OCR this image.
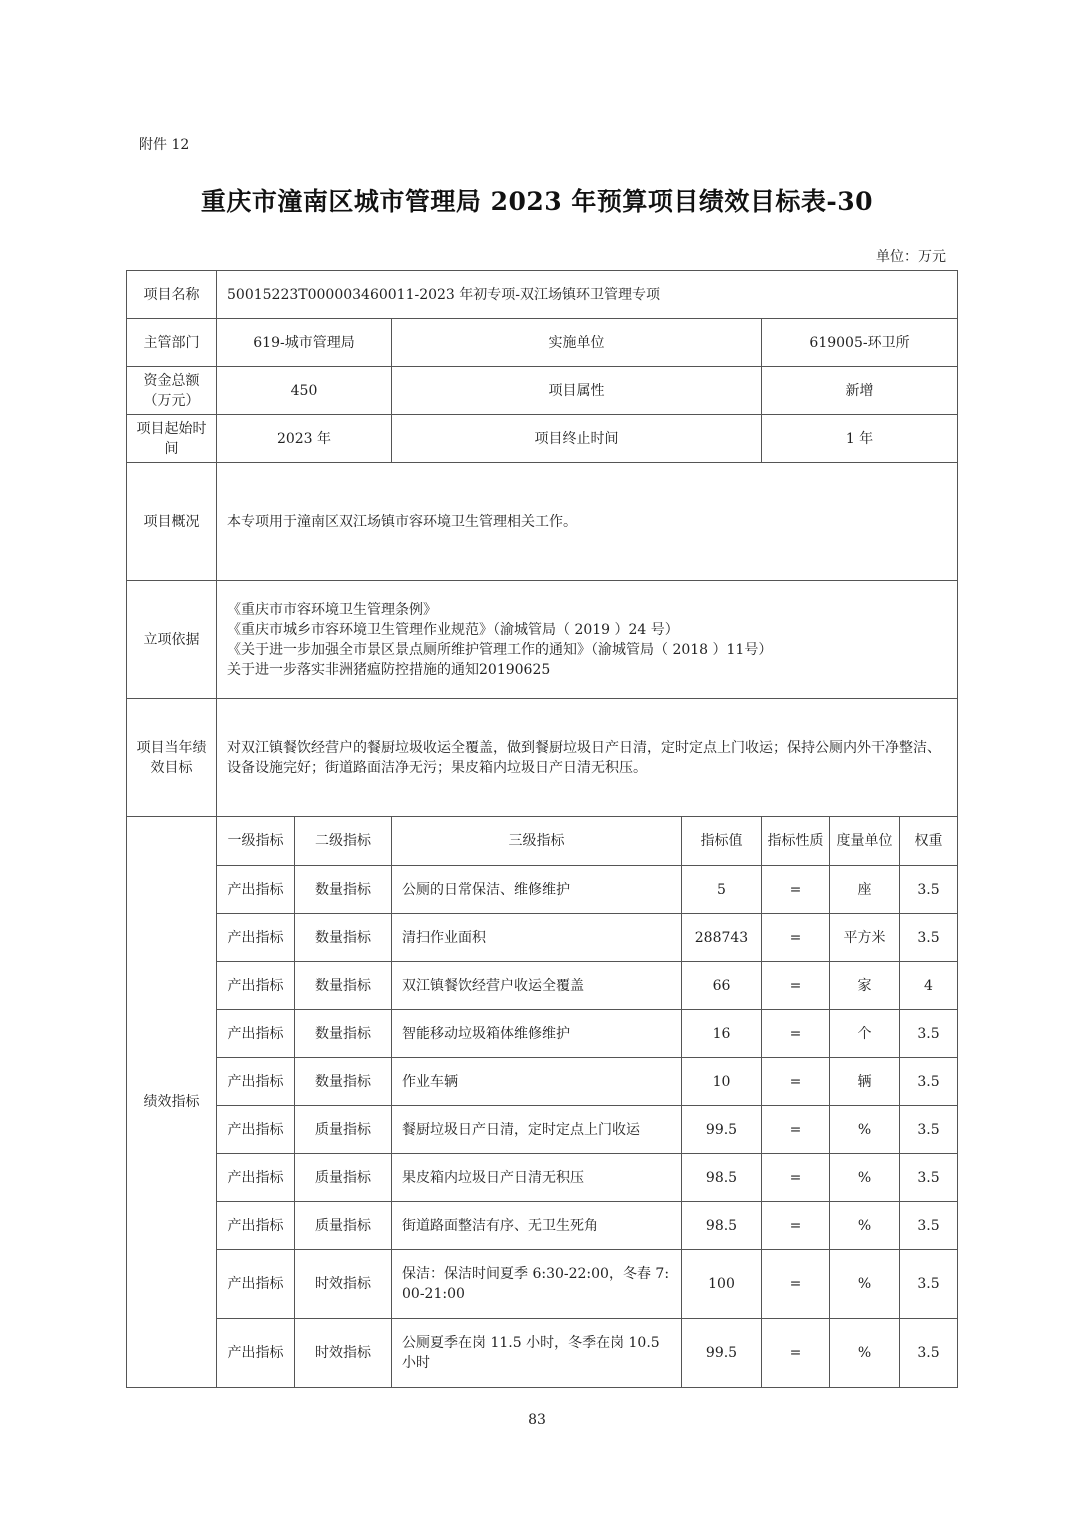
附件 12
重庆市潼南区城市管理局 2023 年预算项目绩效目标表-30
单位：万元
项目名称	50015223T000003460011-2023 年初专项-双江场镇环卫管理专项						
主管部门	619-城市管理局		实施单位		619005-环卫所		
资金总额（万元）	450		项目属性		新增		
项目起始时间	2023 年		项目终止时间		1 年		
项目概况	本专项用于潼南区双江场镇市容环境卫生管理相关工作。						
立项依据	《重庆市市容环境卫生管理条例》
《重庆市城乡市容环境卫生管理作业规范》（渝城管局（ 2019 ）24 号）
《关于进一步加强全市景区景点厕所维护管理工作的通知》（渝城管局（ 2018 ）11号）
关于进一步落实非洲猪瘟防控措施的通知20190625						

项目当年绩效目标	对双江镇餐饮经营户的餐厨垃圾收运全覆盖，做到餐厨垃圾日产日清，定时定点上门收运；保持公厕内外干净整洁、设备设施完好；街道路面洁净无污；果皮箱内垃圾日产日清无积压。						
绩效指标	一级指标	二级指标	三级指标	指标值	指标性质	度量单位	权重
	产出指标	数量指标	公厕的日常保洁、维修维护	5	=	座	3.5
	产出指标	数量指标	清扫作业面积	288743	=	平方米	3.5
	产出指标	数量指标	双江镇餐饮经营户收运全覆盖	66	=	家	4
	产出指标	数量指标	智能移动垃圾箱体维修维护	16	=	个	3.5
	产出指标	数量指标	作业车辆	10	=	辆	3.5
	产出指标	质量指标	餐厨垃圾日产日清，定时定点上门收运	99.5	=	%	3.5
	产出指标	质量指标	果皮箱内垃圾日产日清无积压	98.5	=	%	3.5
	产出指标	质量指标	街道路面整洁有序、无卫生死角	98.5	=	%	3.5
	产出指标	时效指标	保洁：保洁时间夏季 6:30-22:00，冬春 7:00-21:00	100	=	%	3.5
	产出指标	时效指标	公厕夏季在岗 11.5 小时，冬季在岗 10.5 小时	99.5	=	%	3.5
83
